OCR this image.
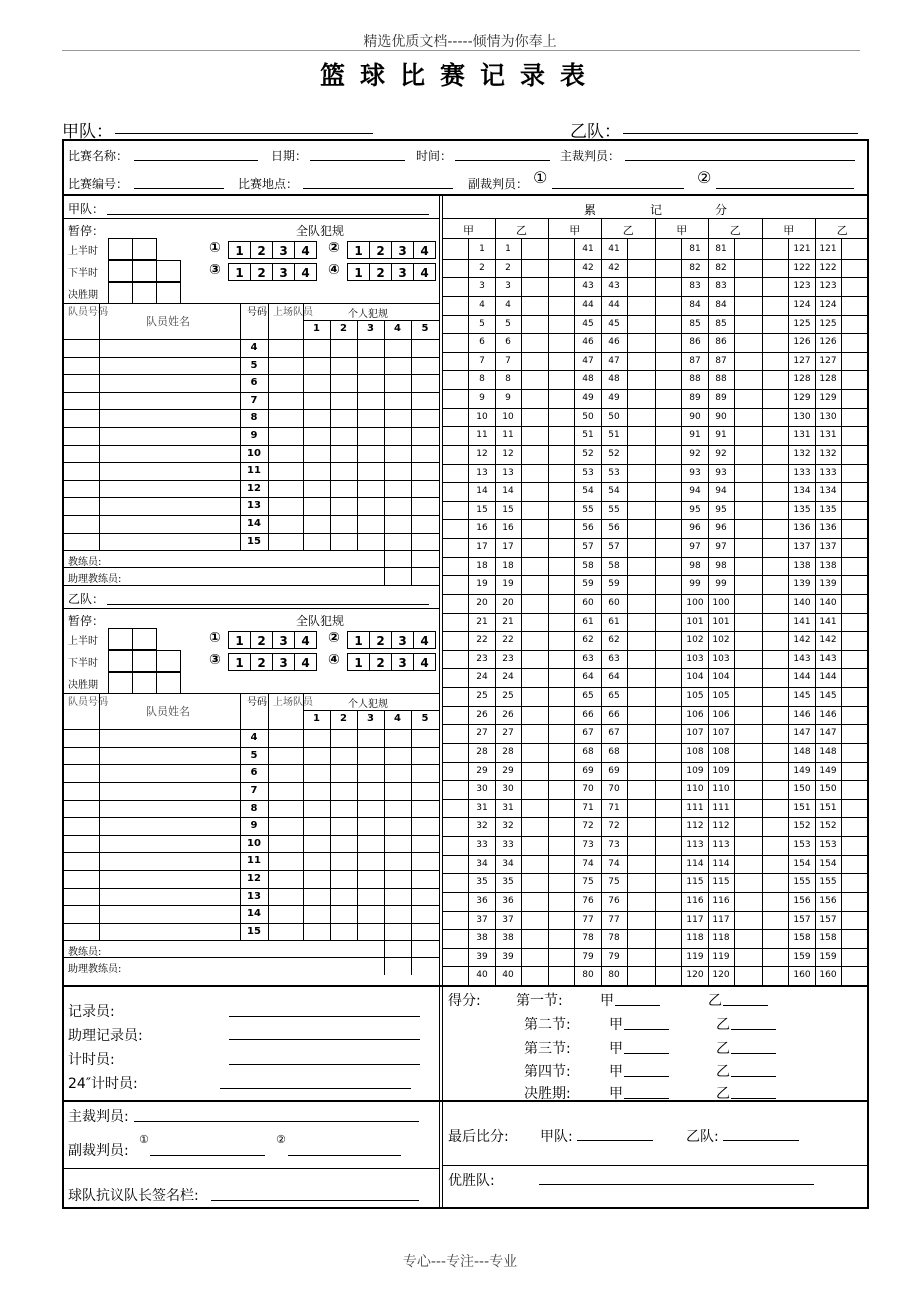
精选优质文档-----倾情为你奉上
篮球比赛记录表
甲队：	乙队：
比赛名称：	日期：	时间：	主裁判员：
比赛编号：	比赛地点：	副裁判员： ①	②
甲队：
暂停：	全队犯规
上半时
下半时
决胜期
①	②
1	2	3	4	1	2	3	4
③	④
1	2	3	4	1	2	3	4
队员号码
队员姓名
号码 上场队员	个人犯规
1	2	3	4	5
4
5
6
7
8
9
10
11
12
13
14
15
教练员:
助理教练员:
乙队：
暂停：	全队犯规
上半时
下半时
决胜期
①	②
1	2	3	4	1	2	3	4
③	④
1	2	3	4	1	2	3	4
队员号码
队员姓名
号码 上场队员	个人犯规
1	2	3	4	5
4
5
6
7
8
9
10
11
12
13
14
15
教练员:
助理教练员:
累	记	分
甲	乙	甲	乙	甲	乙	甲	乙
1	1	41	41	81	81	121 121
2	2	42	42	82	82	122 122
3	3	43	43	83	83	123 123
4	4	44	44	84	84	124 124
5	5	45	45	85	85	125 125
6	6	46	46	86	86	126 126
7	7	47	47	87	87	127 127
8	8	48	48	88	88	128 128
9	9	49	49	89	89	129 129
10	10	50	50	90	90	130 130
11	11	51	51	91	91	131 131
12	12	52	52	92	92	132 132
13	13	53	53	93	93	133 133
14	14	54	54	94	94	134 134
15	15	55	55	95	95	135 135
16	16	56	56	96	96	136 136
17	17	57	57	97	97	137 137
18	18	58	58	98	98	138 138
19	19	59	59	99	99	139 139
20	20	60	60	100 100	140 140
21	21	61	61	101 101	141 141
22	22	62	62	102 102	142 142
23	23	63	63	103 103	143 143
24	24	64	64	104 104	144 144
25	25	65	65	105 105	145 145
26	26	66	66	106 106	146 146
27	27	67	67	107 107	147 147
28	28	68	68	108 108	148 148
29	29	69	69	109 109	149 149
30	30	70	70	110 110	150 150
31	31	71	71	111 111	151 151
32	32	72	72	112 112	152 152
33	33	73	73	113 113	153 153
34	34	74	74	114 114	154 154
35	35	75	75	115 115	155 155
36	36	76	76	116 116	156 156
37	37	77	77	117 117	157 157
38	38	78	78	118 118	158 158
39	39	79	79	119 119	159 159
40	40	80	80	120 120	160 160
记录员:
助理记录员:
计时员:
24″计时员:
主裁判员:
副裁判员:
①	②
球队抗议队长签名栏:
得分:	第一节:	甲	乙
第二节:	甲	乙
第三节:	甲	乙
第四节:	甲	乙
决胜期:	甲	乙
最后比分: 甲队:	乙队:
优胜队:
专心---专注---专业
